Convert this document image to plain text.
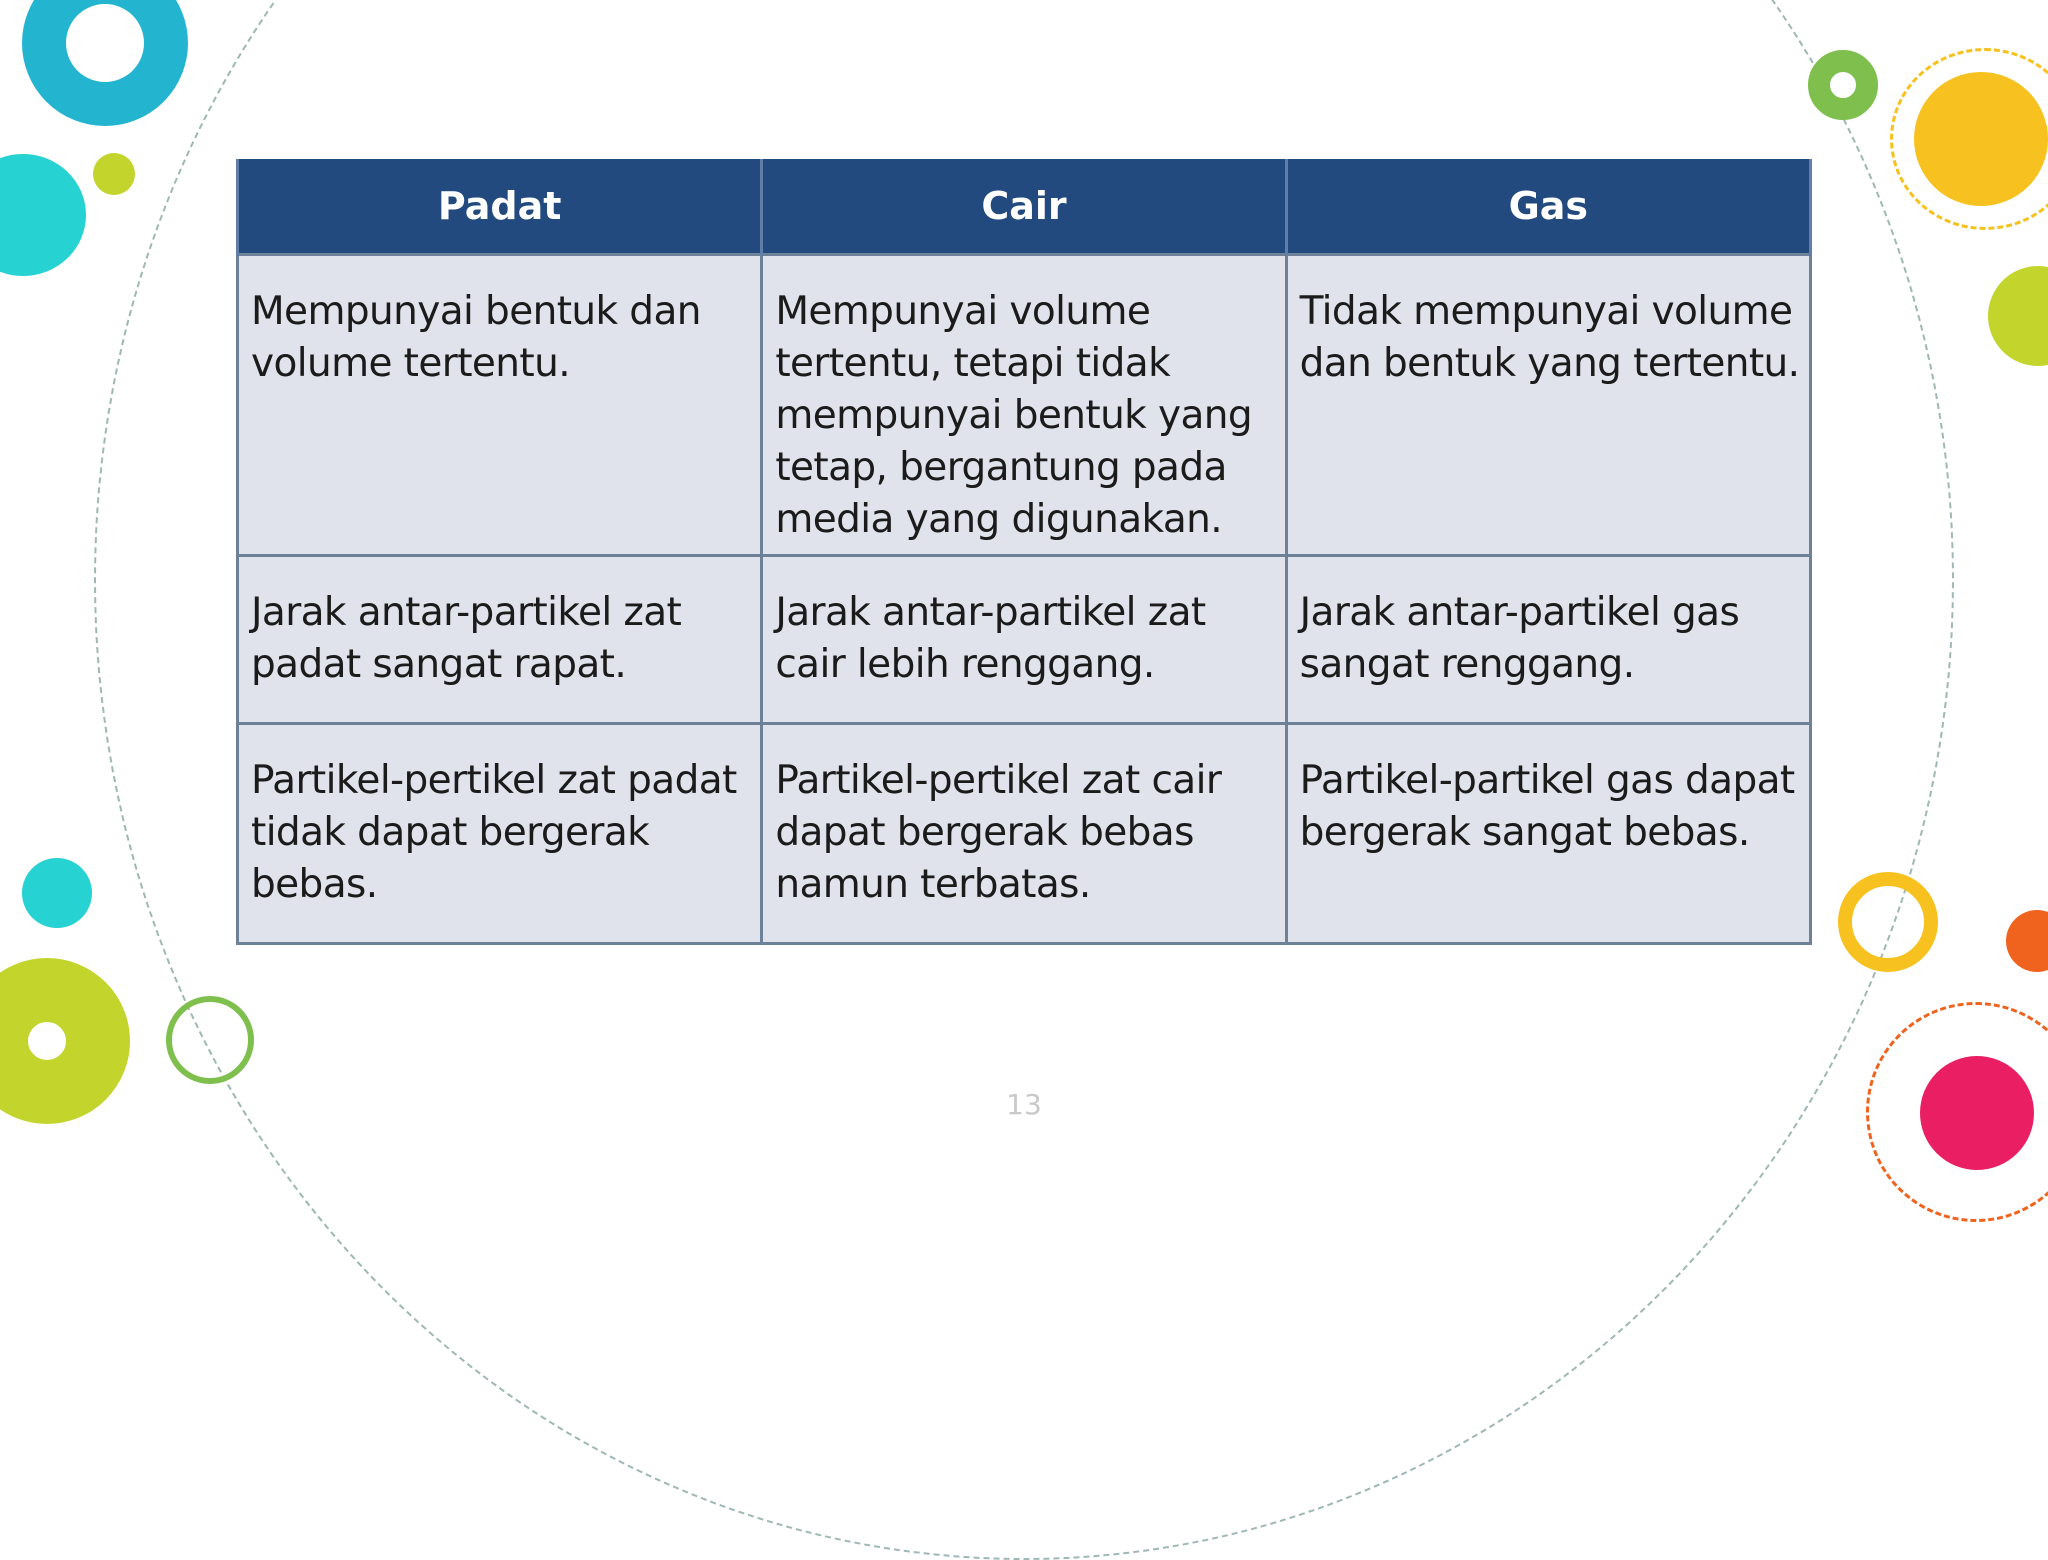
Padat	Cair	Gas
Mempunyai bentuk dan volume tertentu.	Mempunyai volume tertentu, tetapi tidak mempunyai bentuk yang tetap, bergantung pada media yang digunakan.	Tidak mempunyai volume dan bentuk yang tertentu.
Jarak antar-partikel zat padat sangat rapat.	Jarak antar-partikel zat cair lebih renggang.	Jarak antar-partikel gas sangat renggang.
Partikel-pertikel zat padat tidak dapat bergerak bebas.	Partikel-pertikel zat cair dapat bergerak bebas namun terbatas.	Partikel-partikel gas dapat bergerak sangat bebas.
13
